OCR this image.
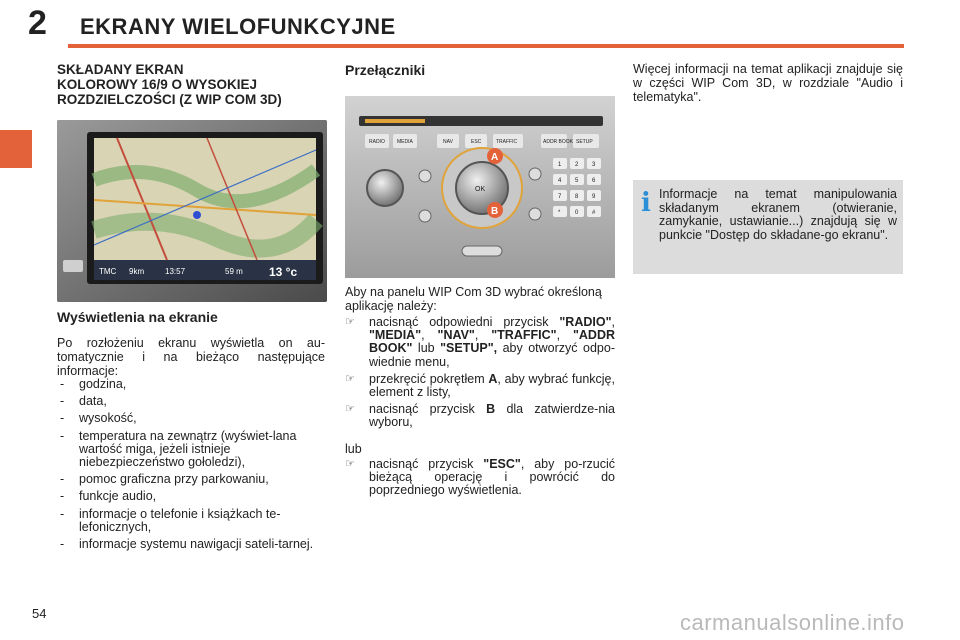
2 EKRANY WIELOFUNKCYJNE
SKŁADANY EKRAN
KOLOROWY 16/9 O WYSOKIEJ
ROZDZIELCZOŚCI (Z WIP COM 3D)
TMC 9km	13:57	59 m 13 °c
Wyświetlenia na ekranie
Po rozłożeniu ekranu wyświetla on au-tomatycznie i na bieżąco następujące informacje:
- godzina,
- data,
- wysokość,
- temperatura na zewnątrz (wyświet-lana wartość miga, jeżeli istnieje niebezpieczeństwo gołoledzi),
- pomoc graficzna przy parkowaniu,
- funkcje audio,
- informacje o telefonie i książkach te-lefonicznych,
- informacje systemu nawigacji sateli-tarnej.
Przełączniki
RADIO MEDIA	NAV	ESC	TRAFFIC	ADDR BOOK SETUP
OK
A
B
1 2 3
4 5 6
7 8 9
* 0 #
Aby na panelu WIP Com 3D wybrać określoną aplikację należy:
☞ nacisnąć odpowiedni przycisk "RADIO", "MEDIA", "NAV", "TRAFFIC", "ADDR BOOK" lub "SETUP", aby otworzyć odpo-wiednie menu,
☞ przekręcić pokrętłem A, aby wybrać funkcję, element z listy,
☞ nacisnąć przycisk B dla zatwierdze-nia wyboru,
lub
☞ nacisnąć przycisk "ESC", aby po-rzucić bieżącą operację i powrócić do poprzedniego wyświetlenia.
Więcej informacji na temat aplikacji znajduje się w części WIP Com 3D, w rozdziale "Audio i telematyka".
i Informacje na temat manipulowania składanym ekranem (otwieranie, zamykanie, ustawianie...) znajdują się w punkcie "Dostęp do składane-go ekranu".
54	carmanualsonline.info
